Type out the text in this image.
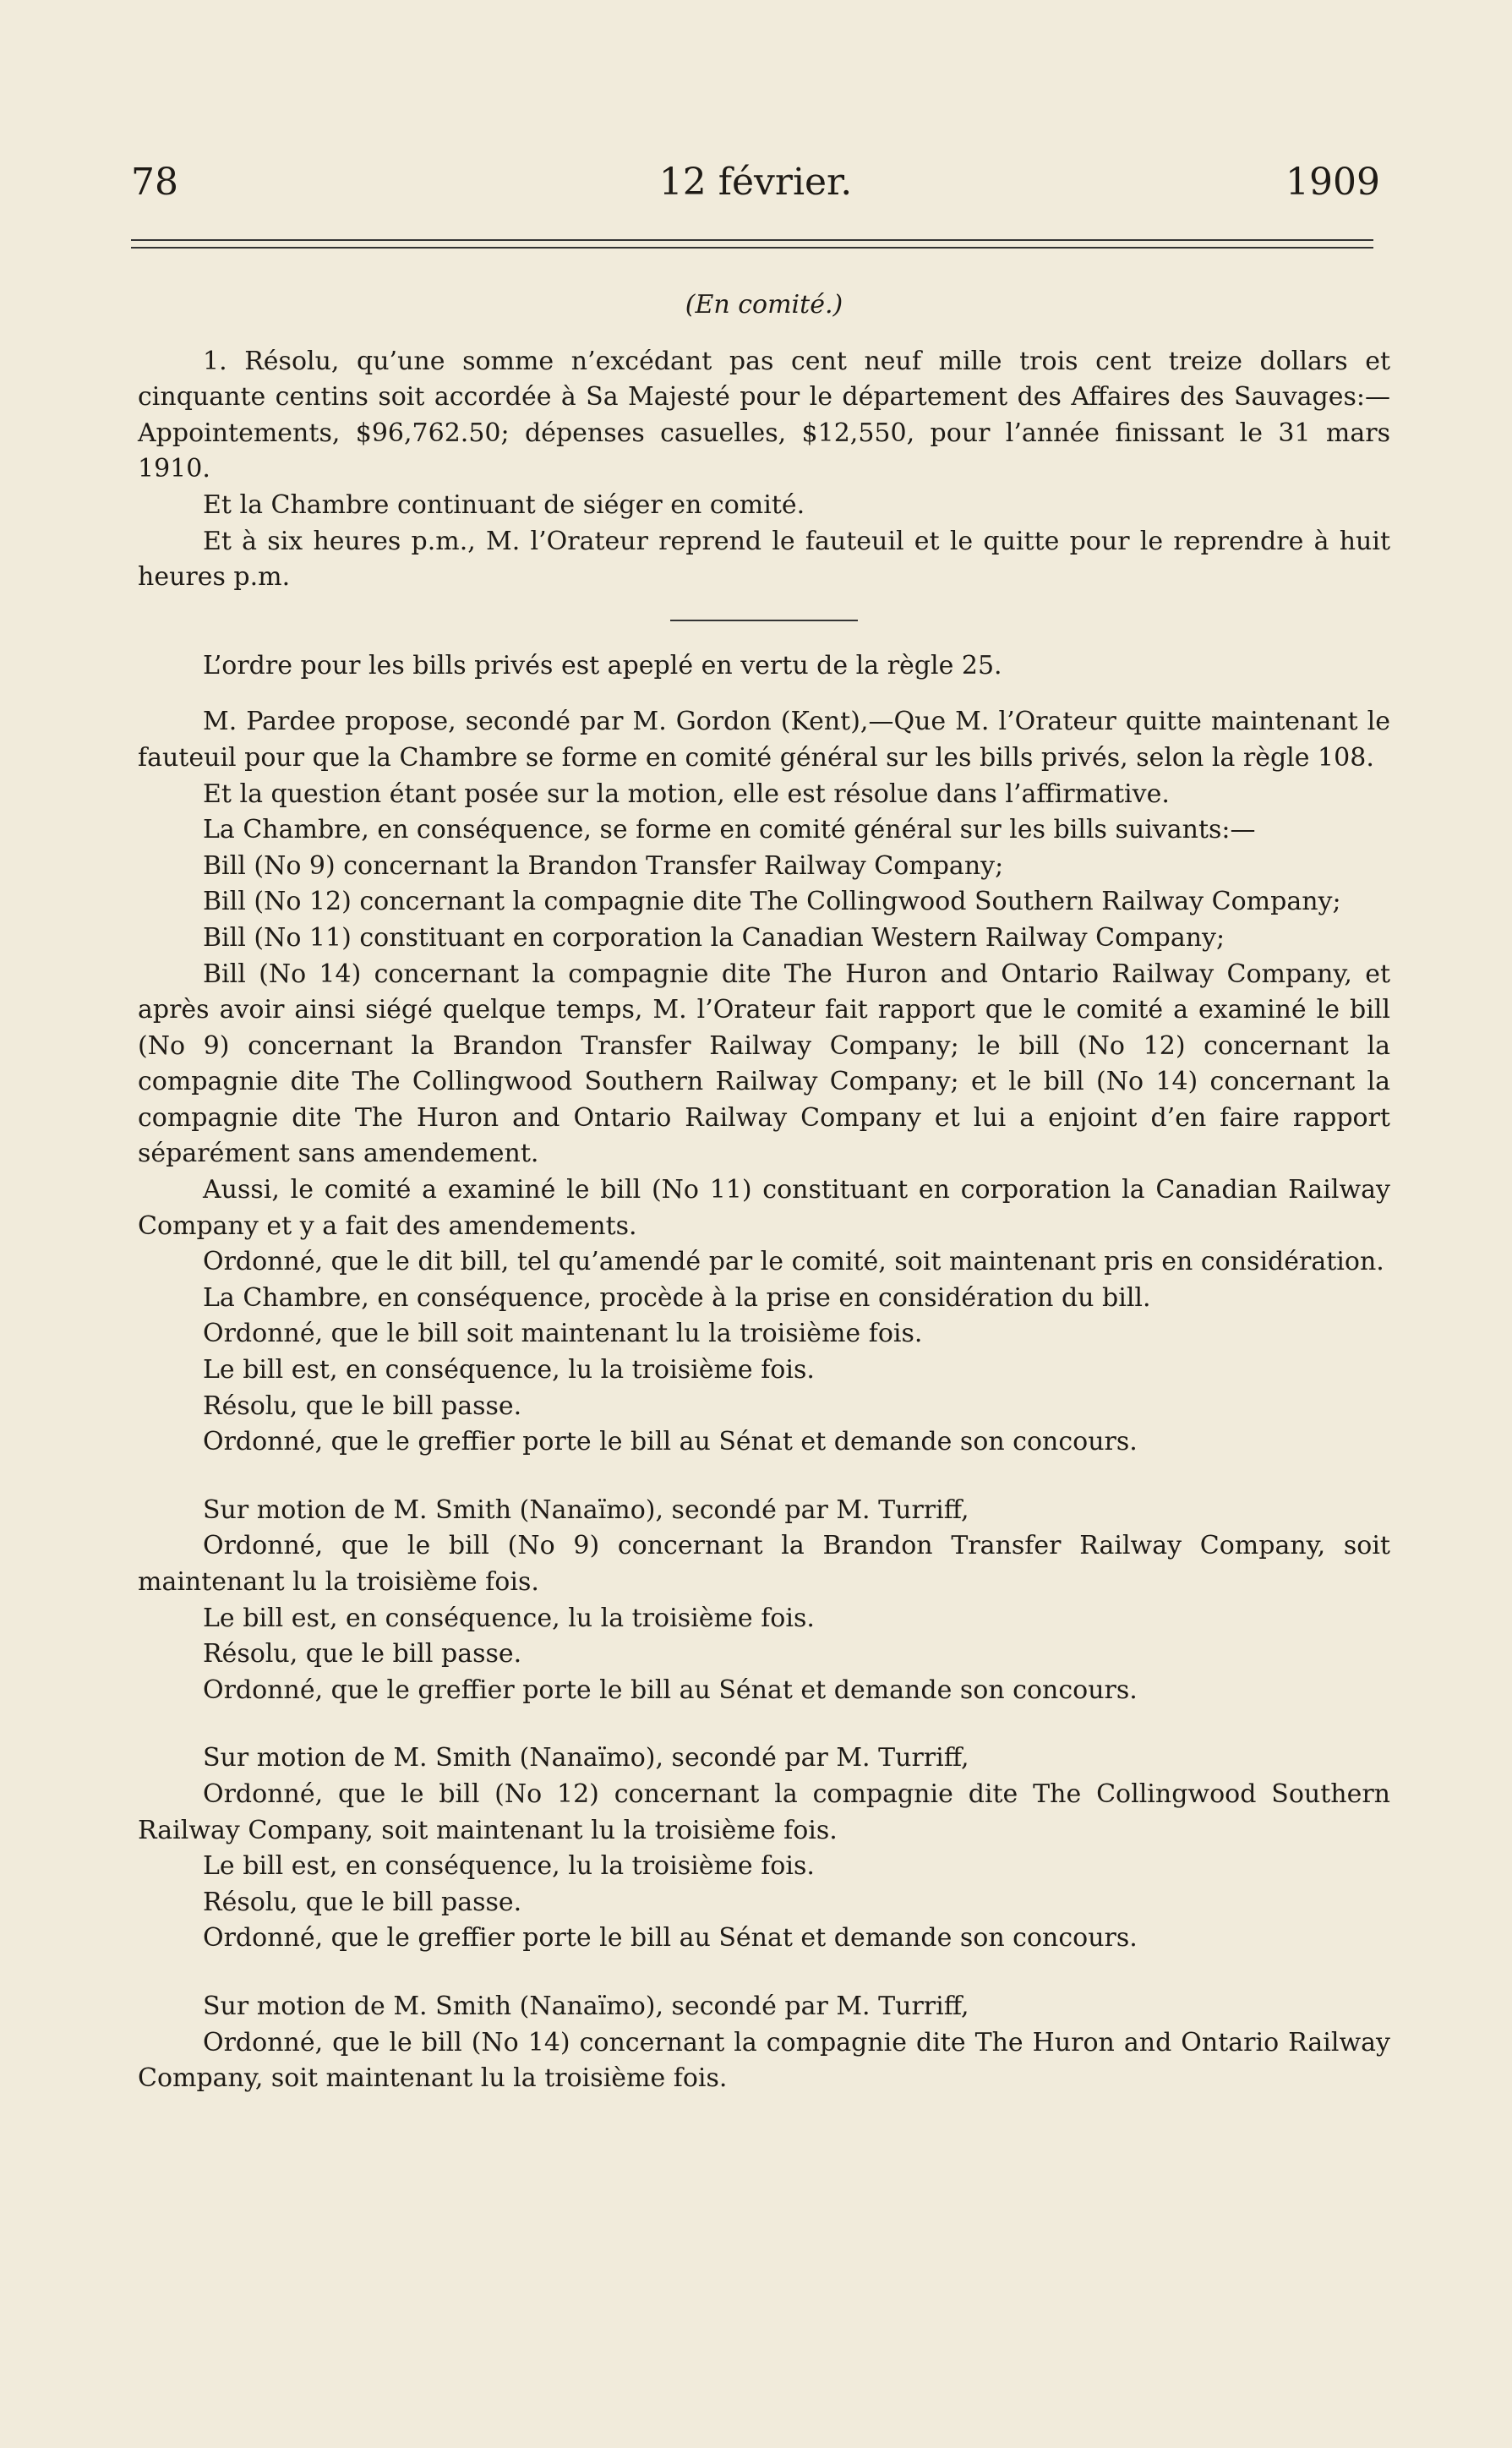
78	12 février.	1909

(En comité.)

1. Résolu, qu’une somme n’excédant pas cent neuf mille trois cent treize dollars et cinquante centins soit accordée à Sa Majesté pour le département des Affaires des Sauvages:—Appointements, $96,762.50; dépenses casuelles, $12,550, pour l’année finissant le 31 mars 1910.

Et la Chambre continuant de siéger en comité.

Et à six heures p.m., M. l’Orateur reprend le fauteuil et le quitte pour le reprendre à huit heures p.m.

L’ordre pour les bills privés est apeplé en vertu de la règle 25.

M. Pardee propose, secondé par M. Gordon (Kent),—Que M. l’Orateur quitte maintenant le fauteuil pour que la Chambre se forme en comité général sur les bills privés, selon la règle 108.

Et la question étant posée sur la motion, elle est résolue dans l’affirmative.

La Chambre, en conséquence, se forme en comité général sur les bills suivants:—

Bill (No 9) concernant la Brandon Transfer Railway Company;

Bill (No 12) concernant la compagnie dite The Collingwood Southern Railway Company;

Bill (No 11) constituant en corporation la Canadian Western Railway Company;

Bill (No 14) concernant la compagnie dite The Huron and Ontario Railway Company, et après avoir ainsi siégé quelque temps, M. l’Orateur fait rapport que le comité a examiné le bill (No 9) concernant la Brandon Transfer Railway Company; le bill (No 12) concernant la compagnie dite The Collingwood Southern Railway Company; et le bill (No 14) concernant la compagnie dite The Huron and Ontario Railway Company et lui a enjoint d’en faire rapport séparément sans amendement.

Aussi, le comité a examiné le bill (No 11) constituant en corporation la Canadian Railway Company et y a fait des amendements.

Ordonné, que le dit bill, tel qu’amendé par le comité, soit maintenant pris en considération.

La Chambre, en conséquence, procède à la prise en considération du bill.

Ordonné, que le bill soit maintenant lu la troisième fois.

Le bill est, en conséquence, lu la troisième fois.

Résolu, que le bill passe.

Ordonné, que le greffier porte le bill au Sénat et demande son concours.

Sur motion de M. Smith (Nanaïmo), secondé par M. Turriff,

Ordonné, que le bill (No 9) concernant la Brandon Transfer Railway Company, soit maintenant lu la troisième fois.

Le bill est, en conséquence, lu la troisième fois.

Résolu, que le bill passe.

Ordonné, que le greffier porte le bill au Sénat et demande son concours.

Sur motion de M. Smith (Nanaïmo), secondé par M. Turriff,

Ordonné, que le bill (No 12) concernant la compagnie dite The Collingwood Southern Railway Company, soit maintenant lu la troisième fois.

Le bill est, en conséquence, lu la troisième fois.

Résolu, que le bill passe.

Ordonné, que le greffier porte le bill au Sénat et demande son concours.

Sur motion de M. Smith (Nanaïmo), secondé par M. Turriff,

Ordonné, que le bill (No 14) concernant la compagnie dite The Huron and Ontario Railway Company, soit maintenant lu la troisième fois.
